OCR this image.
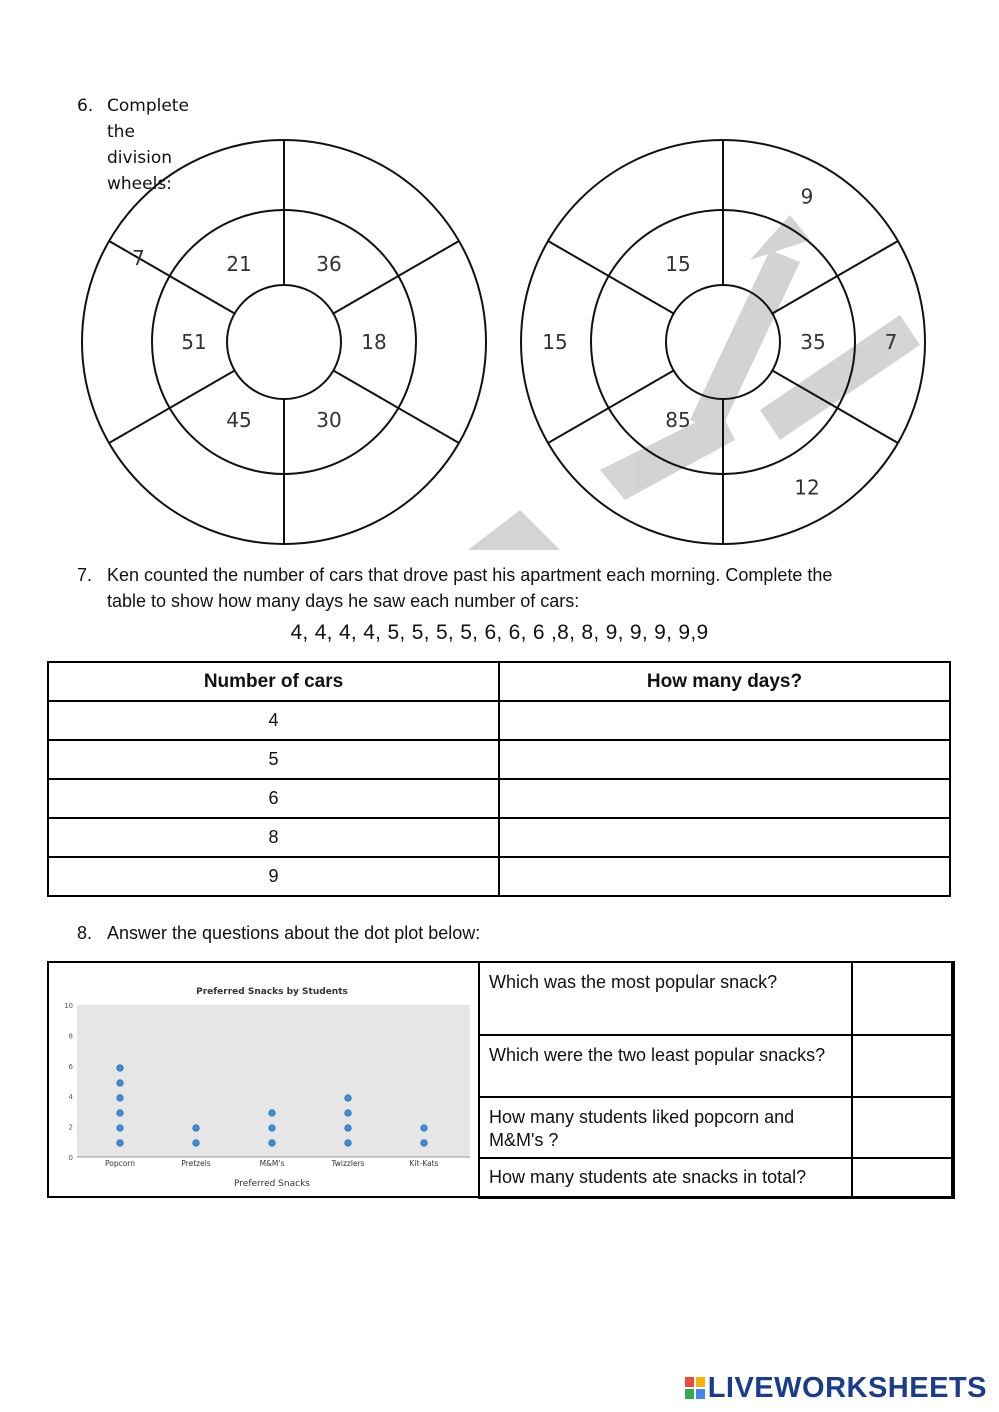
6. Complete the division wheels:
36
18
30
45
51
21
7
35
85
15
9
7
12
15
7. Ken counted the number of cars that drove past his apartment each morning. Complete the
table to show how many days he saw each number of cars:
4, 4, 4, 4, 5, 5, 5, 5, 6, 6, 6 ,8, 8, 9, 9, 9, 9,9
Number of cars	How many days?
4	
5	
6	
8	
9	
8. Answer the questions about the dot plot below:
Preferred Snacks by Students
0
2
4
6
8
10
Popcorn	Pretzels	M&M's	Twizzlers	Kit-Kats
Preferred Snacks
Which was the most popular snack?	
Which were the two least popular snacks?	
How many students liked popcorn and M&M's ?	
How many students ate snacks in total?	
LIVEWORKSHEETS
